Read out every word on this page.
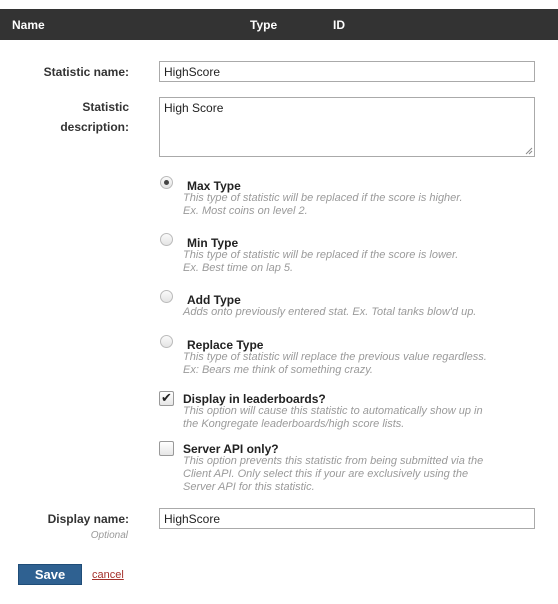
Name	Type	ID
Statistic name:
HighScore
Statistic
description:
High Score
Max Type
This type of statistic will be replaced if the score is higher.
Ex. Most coins on level 2.
Min Type
This type of statistic will be replaced if the score is lower.
Ex. Best time on lap 5.
Add Type
Adds onto previously entered stat. Ex. Total tanks blow'd up.
Replace Type
This type of statistic will replace the previous value regardless.
Ex: Bears me think of something crazy.
✔ Display in leaderboards?
This option will cause this statistic to automatically show up in
the Kongregate leaderboards/high score lists.
Server API only?
This option prevents this statistic from being submitted via the
Client API. Only select this if your are exclusively using the
Server API for this statistic.
Display name:
Optional
HighScore
Save	cancel
